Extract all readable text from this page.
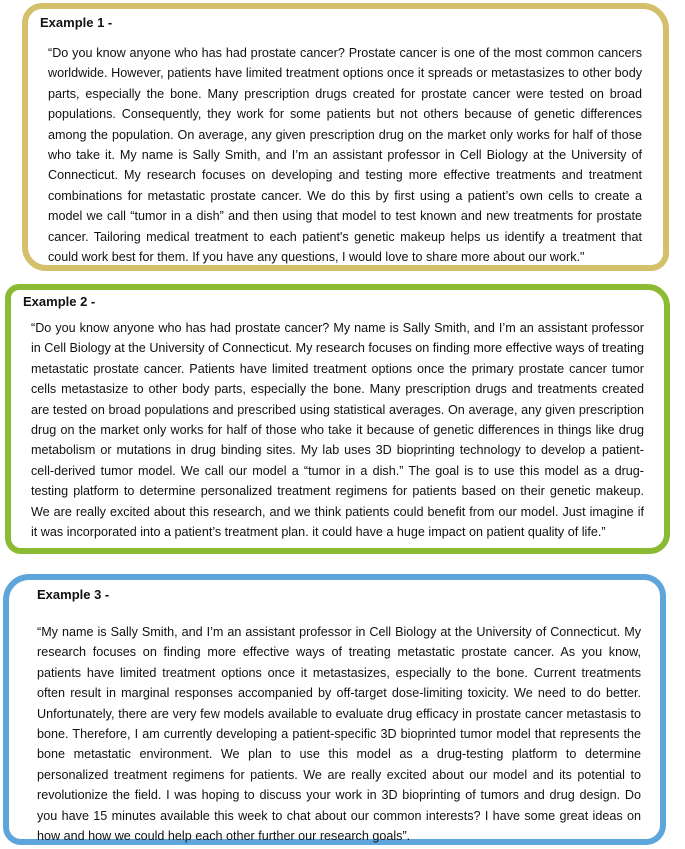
Example 1 -
“Do you know anyone who has had prostate cancer? Prostate cancer is one of the most common cancers worldwide. However, patients have limited treatment options once it spreads or metastasizes to other body parts, especially the bone. Many prescription drugs created for prostate cancer were tested on broad populations. Consequently, they work for some patients but not others because of genetic differences among the population. On average, any given prescription drug on the market only works for half of those who take it. My name is Sally Smith, and I’m an assistant professor in Cell Biology at the University of Connecticut. My research focuses on developing and testing more effective treatments and treatment combinations for metastatic prostate cancer. We do this by first using a patient’s own cells to create a model we call “tumor in a dish” and then using that model to test known and new treatments for prostate cancer. Tailoring medical treatment to each patient's genetic makeup helps us identify a treatment that could work best for them. If you have any questions, I would love to share more about our work."
Example 2 -
“Do you know anyone who has had prostate cancer? My name is Sally Smith, and I’m an assistant professor in Cell Biology at the University of Connecticut. My research focuses on finding more effective ways of treating metastatic prostate cancer. Patients have limited treatment options once the primary prostate cancer tumor cells metastasize to other body parts, especially the bone. Many prescription drugs and treatments created are tested on broad populations and prescribed using statistical averages. On average, any given prescription drug on the market only works for half of those who take it because of genetic differences in things like drug metabolism or mutations in drug binding sites. My lab uses 3D bioprinting technology to develop a patient-cell-derived tumor model. We call our model a “tumor in a dish.” The goal is to use this model as a drug-testing platform to determine personalized treatment regimens for patients based on their genetic makeup. We are really excited about this research, and we think patients could benefit from our model. Just imagine if it was incorporated into a patient’s treatment plan. it could have a huge impact on patient quality of life.”
Example 3 -
“My name is Sally Smith, and I’m an assistant professor in Cell Biology at the University of Connecticut. My research focuses on finding more effective ways of treating metastatic prostate cancer. As you know, patients have limited treatment options once it metastasizes, especially to the bone. Current treatments often result in marginal responses accompanied by off-target dose-limiting toxicity. We need to do better. Unfortunately, there are very few models available to evaluate drug efficacy in prostate cancer metastasis to bone. Therefore, I am currently developing a patient-specific 3D bioprinted tumor model that represents the bone metastatic environment. We plan to use this model as a drug-testing platform to determine personalized treatment regimens for patients. We are really excited about our model and its potential to revolutionize the field. I was hoping to discuss your work in 3D bioprinting of tumors and drug design. Do you have 15 minutes available this week to chat about our common interests? I have some great ideas on how and how we could help each other further our research goals”.
